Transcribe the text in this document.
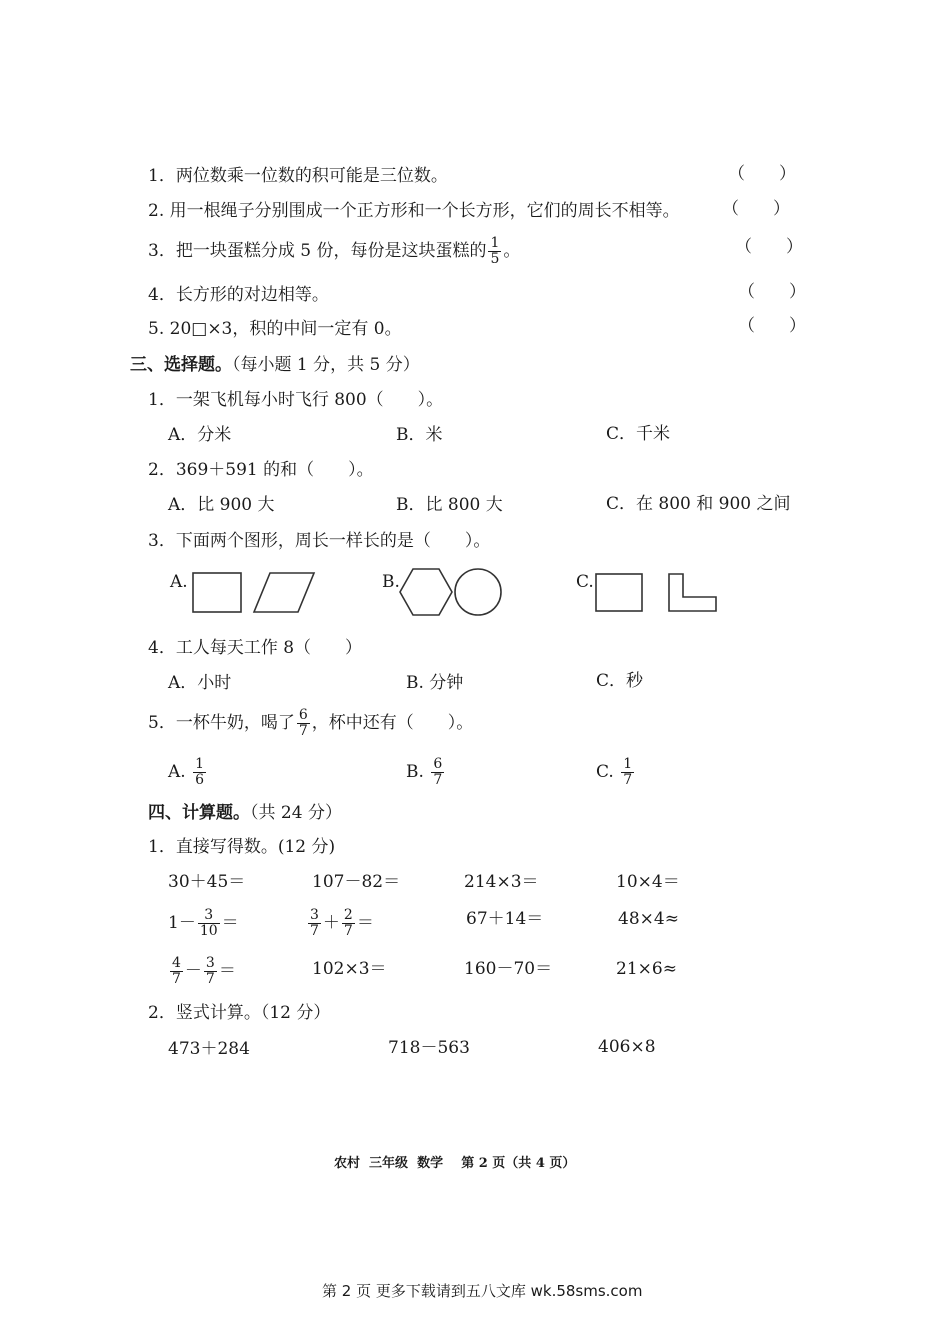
1．两位数乘一位数的积可能是三位数。	（　　）
2. 用一根绳子分别围成一个正方形和一个长方形，它们的周长不相等。 （　　）
3．把一块蛋糕分成 5 份，每份是这块蛋糕的 $\frac{1}{5}$ 。	（　　）
4．长方形的对边相等。	（　　）
5. 20□×3，积的中间一定有 0。	（　　）
三、选择题。（每小题 1 分，共 5 分）
1．一架飞机每小时飞行 800（　　）。
A．分米	B．米	C．千米
2．369＋591 的和（　　）。
A．比 900 大	B．比 800 大	C．在 800 和 900 之间
3．下面两个图形，周长一样长的是（　　）。
A.	B.	C.
4．工人每天工作 8（　　）
A．小时	B. 分钟	C．秒
5．一杯牛奶，喝了 $\frac{6}{7}$ ，杯中还有（　　）。
A. $\frac{1}{6}$	B. $\frac{6}{7}$	C. $\frac{1}{7}$
四、计算题。（共 24 分）
1．直接写得数。(12 分)
30＋45＝	107－82＝	214×3＝	10×4＝
$1- \frac{3}{10}$ ＝	$\frac{3}{7} + \frac{2}{7}$ ＝	67＋14＝	48×4≈
$\frac{4}{7} - \frac{3}{7}$ ＝	102×3＝	160－70＝	21×6≈
2．竖式计算。（12 分）
473＋284	718－563	406×8
农村  三年级  数学    第 2 页（共 4 页）
第 2 页 更多下载请到五八文库 wk.58sms.com
